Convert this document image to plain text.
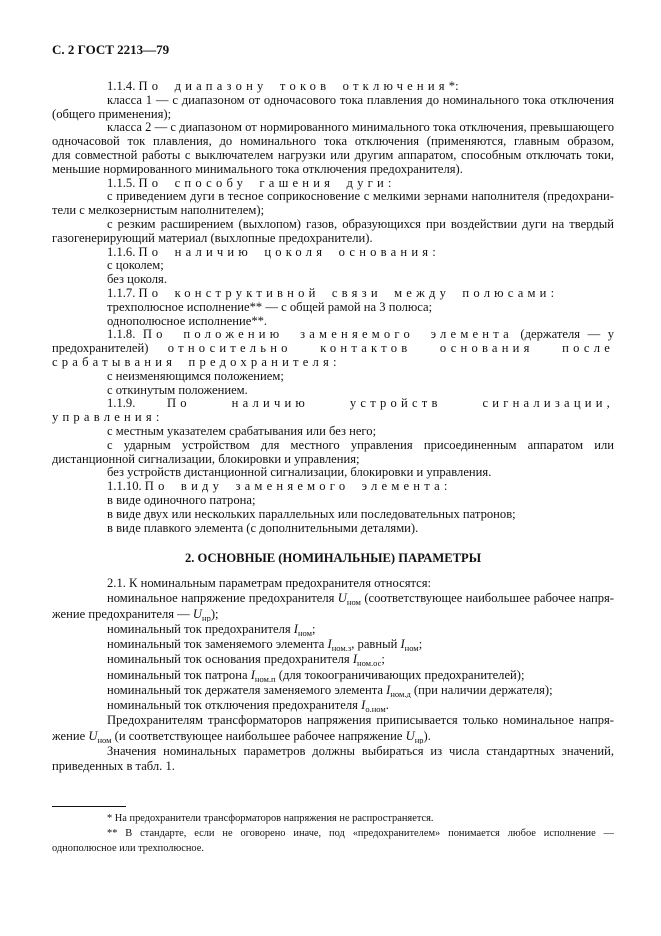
С. 2 ГОСТ 2213—79
1.1.4. По диапазону токов отключения*:
класса 1 — с диапазоном от одночасового тока плавления до номинального тока отключения
(общего применения);
класса 2 — с диапазоном от нормированного минимального тока отключения, превышающего
одночасовой ток плавления, до номинального тока отключения (применяются, главным образом,
для совместной работы с выключателем нагрузки или другим аппаратом, способным отключать токи,
меньшие нормированного минимального тока отключения предохранителя).
1.1.5. По способу гашения дуги:
с приведением дуги в тесное соприкосновение с мелкими зернами наполнителя (предохрани-
тели с мелкозернистым наполнителем);
с резким расширением (выхлопом) газов, образующихся при воздействии дуги на твердый
газогенерирующий материал (выхлопные предохранители).
1.1.6. По наличию цоколя основания:
с цоколем;
без цоколя.
1.1.7. По конструктивной связи между полюсами:
трехполюсное исполнение** — с общей рамой на 3 полюса;
однополюсное исполнение**.
1.1.8. По положению заменяемого элемента (держателя — у
предохранителей) относительно контактов основания после
срабатывания предохранителя:
с неизменяющимся положением;
с откинутым положением.
1.1.9. По наличию устройств сигнализации,
управления:
с местным указателем срабатывания или без него;
с ударным устройством для местного управления присоединенным аппаратом или
дистанционной сигнализации, блокировки и управления;
без устройств дистанционной сигнализации, блокировки и управления.
1.1.10. По виду заменяемого элемента:
в виде одиночного патрона;
в виде двух или нескольких параллельных или последовательных патронов;
в виде плавкого элемента (с дополнительными деталями).
2. ОСНОВНЫЕ (НОМИНАЛЬНЫЕ) ПАРАМЕТРЫ
2.1. К номинальным параметрам предохранителя относятся:
номинальное напряжение предохранителя $U_{ном}$ (соответствующее наибольшее рабочее напря-
жение предохранителя — $U_{нр}$);
номинальный ток предохранителя $I_{ном}$;
номинальный ток заменяемого элемента $I_{ном.з}$, равный $I_{ном}$;
номинальный ток основания предохранителя $I_{ном.ос}$;
номинальный ток патрона $I_{ном.п}$ (для токоограничивающих предохранителей);
номинальный ток держателя заменяемого элемента $I_{ном.д}$ (при наличии держателя);
номинальный ток отключения предохранителя $I_{о.ном}$.
Предохранителям трансформаторов напряжения приписывается только номинальное напря-
жение $U_{ном}$ (и соответствующее наибольшее рабочее напряжение $U_{нр}$).
Значения номинальных параметров должны выбираться из числа стандартных значений,
приведенных в табл. 1.
* На предохранители трансформаторов напряжения не распространяется.
** В стандарте, если не оговорено иначе, под «предохранителем» понимается любое исполнение —
однополюсное или трехполюсное.
